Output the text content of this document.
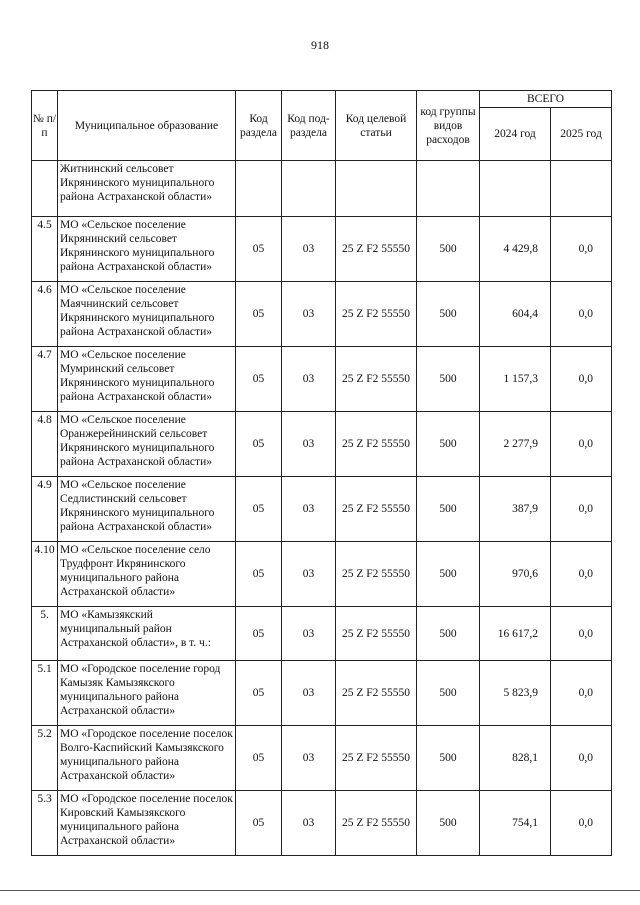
918
№ п/п	Муниципальное образование	Код раздела	Код под-раздела	Код целевой статьи	код группы видов расходов	ВСЕГО	
						2024 год	2025 год
	Житнинский сельсовет Икрянинского муниципального района Астраханской области»						
4.5	МО «Сельское поселение Икрянинский сельсовет Икрянинского муниципального района Астраханской области»	05	03	25 Z F2 55550	500	4 429,8	0,0
4.6	МО «Сельское поселение Маячнинский сельсовет Икрянинского муниципального района Астраханской области»	05	03	25 Z F2 55550	500	604,4	0,0
4.7	МО «Сельское поселение Мумринский сельсовет Икрянинского муниципального района Астраханской области»	05	03	25 Z F2 55550	500	1 157,3	0,0
4.8	МО «Сельское поселение Оранжерейнинский сельсовет Икрянинского муниципального района Астраханской области»	05	03	25 Z F2 55550	500	2 277,9	0,0
4.9	МО «Сельское поселение Седлистинский сельсовет Икрянинского муниципального района Астраханской области»	05	03	25 Z F2 55550	500	387,9	0,0
4.10	МО «Сельское поселение село Трудфронт Икрянинского муниципального района Астраханской области»	05	03	25 Z F2 55550	500	970,6	0,0
5.	МО «Камызякский муниципальный район Астраханской области», в т. ч.:	05	03	25 Z F2 55550	500	16 617,2	0,0
5.1	МО «Городское поселение город Камызяк Камызякского муниципального района Астраханской области»	05	03	25 Z F2 55550	500	5 823,9	0,0
5.2	МО «Городское поселение поселок Волго-Каспийский Камызякского муниципального района Астраханской области»	05	03	25 Z F2 55550	500	828,1	0,0
5.3	МО «Городское поселение поселок Кировский Камызякского муниципального района Астраханской области»	05	03	25 Z F2 55550	500	754,1	0,0
